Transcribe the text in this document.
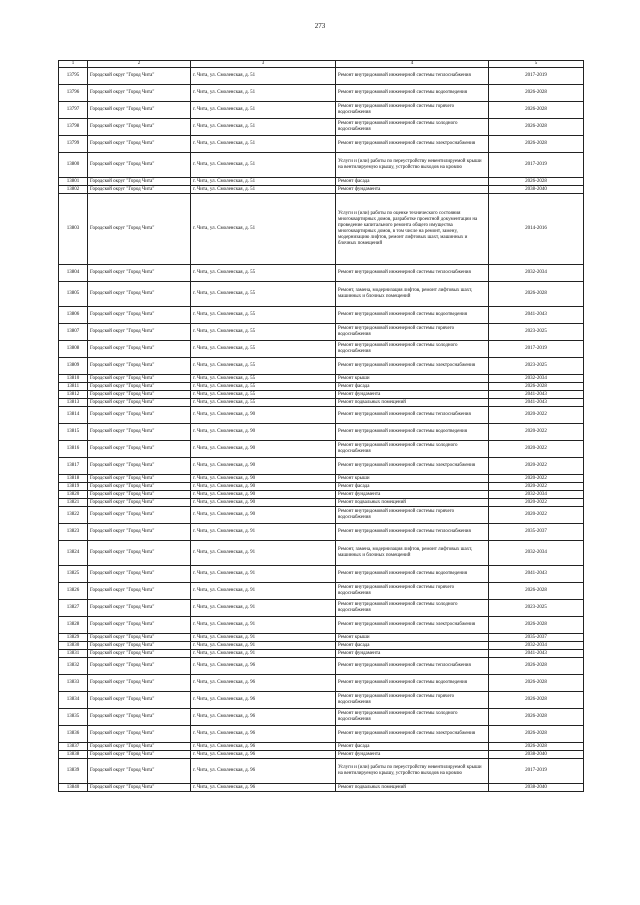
273
1	2	3	4	5
13795	Городской округ "Город Чита"	г. Чита, ул. Смоленская, д. 51	Ремонт внутридомовой инженерной системы теплоснабжения	2017-2019
13796	Городской округ "Город Чита"	г. Чита, ул. Смоленская, д. 51	Ремонт внутридомовой инженерной системы водоотведения	2026-2028
13797	Городской округ "Город Чита"	г. Чита, ул. Смоленская, д. 51	Ремонт внутридомовой инженерной системы горячего водоснабжения	2026-2028
13798	Городской округ "Город Чита"	г. Чита, ул. Смоленская, д. 51	Ремонт внутридомовой инженерной системы холодного водоснабжения	2026-2028
13799	Городской округ "Город Чита"	г. Чита, ул. Смоленская, д. 51	Ремонт внутридомовой инженерной системы электроснабжения	2026-2028
13800	Городской округ "Город Чита"	г. Чита, ул. Смоленская, д. 51	Услуги и (или) работы по переустройству невентилируемой крыши на вентилируемую крышу, устройство выходов на кровлю	2017-2019
13801	Городской округ "Город Чита"	г. Чита, ул. Смоленская, д. 51	Ремонт фасада	2026-2028
13802	Городской округ "Город Чита"	г. Чита, ул. Смоленская, д. 51	Ремонт фундамента	2038-2040
13803	Городской округ "Город Чита"	г. Чита, ул. Смоленская, д. 51	Услуги и (или) работы по оценке технического состояния многоквартирных домов, разработке проектной документации на проведение капитального ремонта общего имущества многоквартирных домов, в том числе на ремонт, замену, модернизацию лифтов, ремонт лифтовых шахт, машинных и блочных помещений	2014-2016
13804	Городской округ "Город Чита"	г. Чита, ул. Смоленская, д. 55	Ремонт внутридомовой инженерной системы теплоснабжения	2032-2034
13805	Городской округ "Город Чита"	г. Чита, ул. Смоленская, д. 55	Ремонт, замена, модернизация лифтов, ремонт лифтовых шахт, машинных и блочных помещений	2026-2028
13806	Городской округ "Город Чита"	г. Чита, ул. Смоленская, д. 55	Ремонт внутридомовой инженерной системы водоотведения	2041-2043
13807	Городской округ "Город Чита"	г. Чита, ул. Смоленская, д. 55	Ремонт внутридомовой инженерной системы горячего водоснабжения	2023-2025
13808	Городской округ "Город Чита"	г. Чита, ул. Смоленская, д. 55	Ремонт внутридомовой инженерной системы холодного водоснабжения	2017-2019
13809	Городской округ "Город Чита"	г. Чита, ул. Смоленская, д. 55	Ремонт внутридомовой инженерной системы электроснабжения	2023-2025
13810	Городской округ "Город Чита"	г. Чита, ул. Смоленская, д. 55	Ремонт крыши	2032-2034
13811	Городской округ "Город Чита"	г. Чита, ул. Смоленская, д. 55	Ремонт фасада	2026-2028
13812	Городской округ "Город Чита"	г. Чита, ул. Смоленская, д. 55	Ремонт фундамента	2041-2043
13813	Городской округ "Город Чита"	г. Чита, ул. Смоленская, д. 55	Ремонт подвальных помещений	2041-2043
13814	Городской округ "Город Чита"	г. Чита, ул. Смоленская, д. 90	Ремонт внутридомовой инженерной системы теплоснабжения	2020-2022
13815	Городской округ "Город Чита"	г. Чита, ул. Смоленская, д. 90	Ремонт внутридомовой инженерной системы водоотведения	2020-2022
13816	Городской округ "Город Чита"	г. Чита, ул. Смоленская, д. 90	Ремонт внутридомовой инженерной системы холодного водоснабжения	2020-2022
13817	Городской округ "Город Чита"	г. Чита, ул. Смоленская, д. 90	Ремонт внутридомовой инженерной системы электроснабжения	2020-2022
13818	Городской округ "Город Чита"	г. Чита, ул. Смоленская, д. 90	Ремонт крыши	2020-2022
13819	Городской округ "Город Чита"	г. Чита, ул. Смоленская, д. 90	Ремонт фасада	2020-2022
13820	Городской округ "Город Чита"	г. Чита, ул. Смоленская, д. 90	Ремонт фундамента	2032-2034
13821	Городской округ "Город Чита"	г. Чита, ул. Смоленская, д. 90	Ремонт подвальных помещений	2020-2022
13822	Городской округ "Город Чита"	г. Чита, ул. Смоленская, д. 90	Ремонт внутридомовой инженерной системы горячего водоснабжения	2020-2022
13823	Городской округ "Город Чита"	г. Чита, ул. Смоленская, д. 91	Ремонт внутридомовой инженерной системы теплоснабжения	2035-2037
13824	Городской округ "Город Чита"	г. Чита, ул. Смоленская, д. 91	Ремонт, замена, модернизация лифтов, ремонт лифтовых шахт, машинных и блочных помещений	2032-2034
13825	Городской округ "Город Чита"	г. Чита, ул. Смоленская, д. 91	Ремонт внутридомовой инженерной системы водоотведения	2041-2043
13826	Городской округ "Город Чита"	г. Чита, ул. Смоленская, д. 91	Ремонт внутридомовой инженерной системы горячего водоснабжения	2026-2028
13827	Городской округ "Город Чита"	г. Чита, ул. Смоленская, д. 91	Ремонт внутридомовой инженерной системы холодного водоснабжения	2023-2025
13828	Городской округ "Город Чита"	г. Чита, ул. Смоленская, д. 91	Ремонт внутридомовой инженерной системы электроснабжения	2026-2028
13829	Городской округ "Город Чита"	г. Чита, ул. Смоленская, д. 91	Ремонт крыши	2035-2037
13830	Городской округ "Город Чита"	г. Чита, ул. Смоленская, д. 91	Ремонт фасада	2032-2034
13831	Городской округ "Город Чита"	г. Чита, ул. Смоленская, д. 91	Ремонт фундамента	2041-2043
13832	Городской округ "Город Чита"	г. Чита, ул. Смоленская, д. 96	Ремонт внутридомовой инженерной системы теплоснабжения	2026-2028
13833	Городской округ "Город Чита"	г. Чита, ул. Смоленская, д. 96	Ремонт внутридомовой инженерной системы водоотведения	2026-2028
13834	Городской округ "Город Чита"	г. Чита, ул. Смоленская, д. 96	Ремонт внутридомовой инженерной системы горячего водоснабжения	2026-2028
13835	Городской округ "Город Чита"	г. Чита, ул. Смоленская, д. 96	Ремонт внутридомовой инженерной системы холодного водоснабжения	2026-2028
13836	Городской округ "Город Чита"	г. Чита, ул. Смоленская, д. 96	Ремонт внутридомовой инженерной системы электроснабжения	2026-2028
13837	Городской округ "Город Чита"	г. Чита, ул. Смоленская, д. 96	Ремонт фасада	2026-2028
13838	Городской округ "Город Чита"	г. Чита, ул. Смоленская, д. 96	Ремонт фундамента	2038-2040
13839	Городской округ "Город Чита"	г. Чита, ул. Смоленская, д. 96	Услуги и (или) работы по переустройству невентилируемой крыши на вентилируемую крышу, устройство выходов на кровлю	2017-2019
13840	Городской округ "Город Чита"	г. Чита, ул. Смоленская, д. 96	Ремонт подвальных помещений	2038-2040
